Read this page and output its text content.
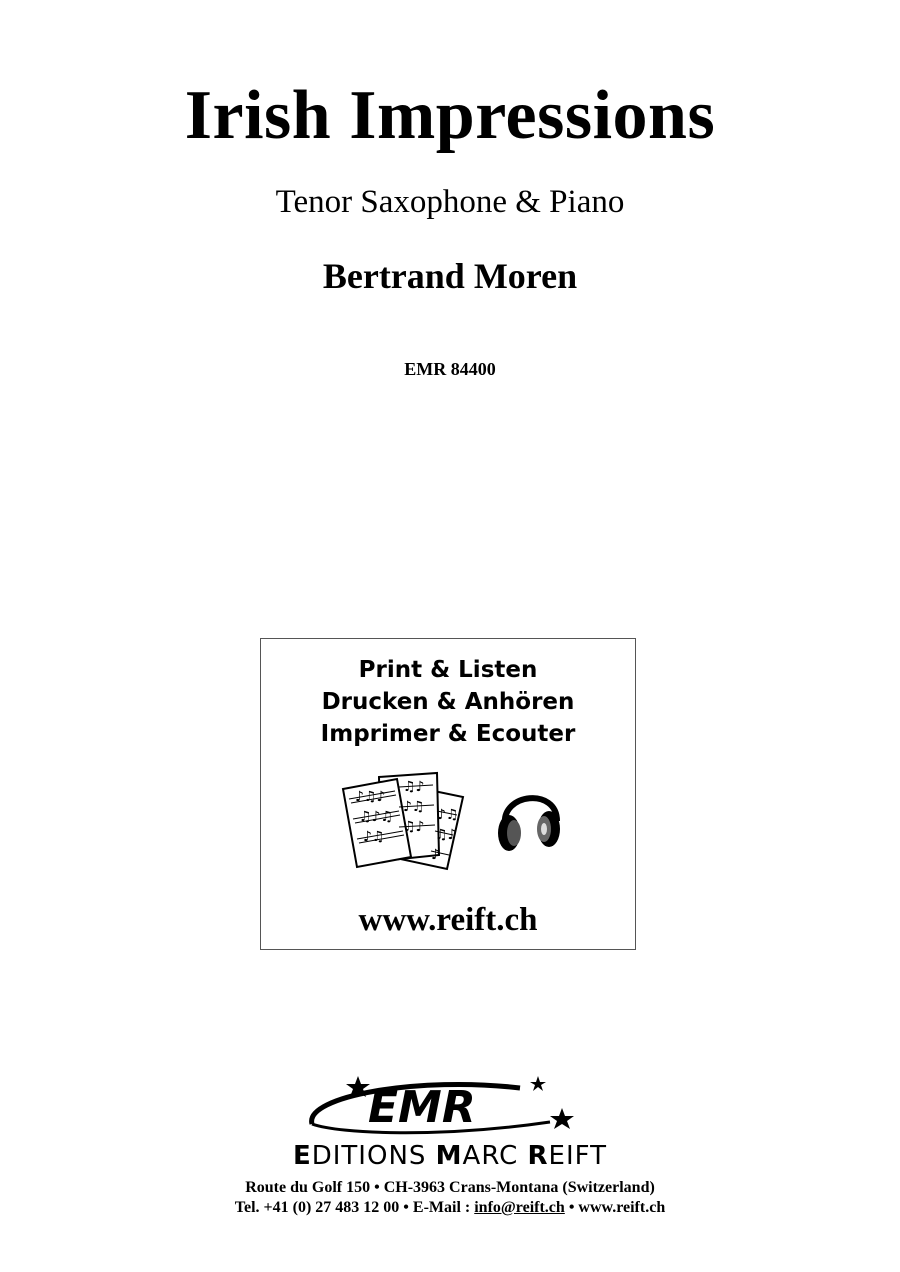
Irish Impressions
Tenor Saxophone & Piano
Bertrand Moren
EMR 84400
Print & Listen
Drucken & Anhören
Imprimer & Ecouter
♪♫♪
♫♪♫
♪♫
♫♪
♪♫
♫♪
♪♫
♫♪
♪
www.reift.ch
EMR
EDITIONS MARC REIFT
Route du Golf 150 • CH-3963 Crans-Montana (Switzerland)
Tel. +41 (0) 27 483 12 00 • E-Mail : info@reift.ch • www.reift.ch
